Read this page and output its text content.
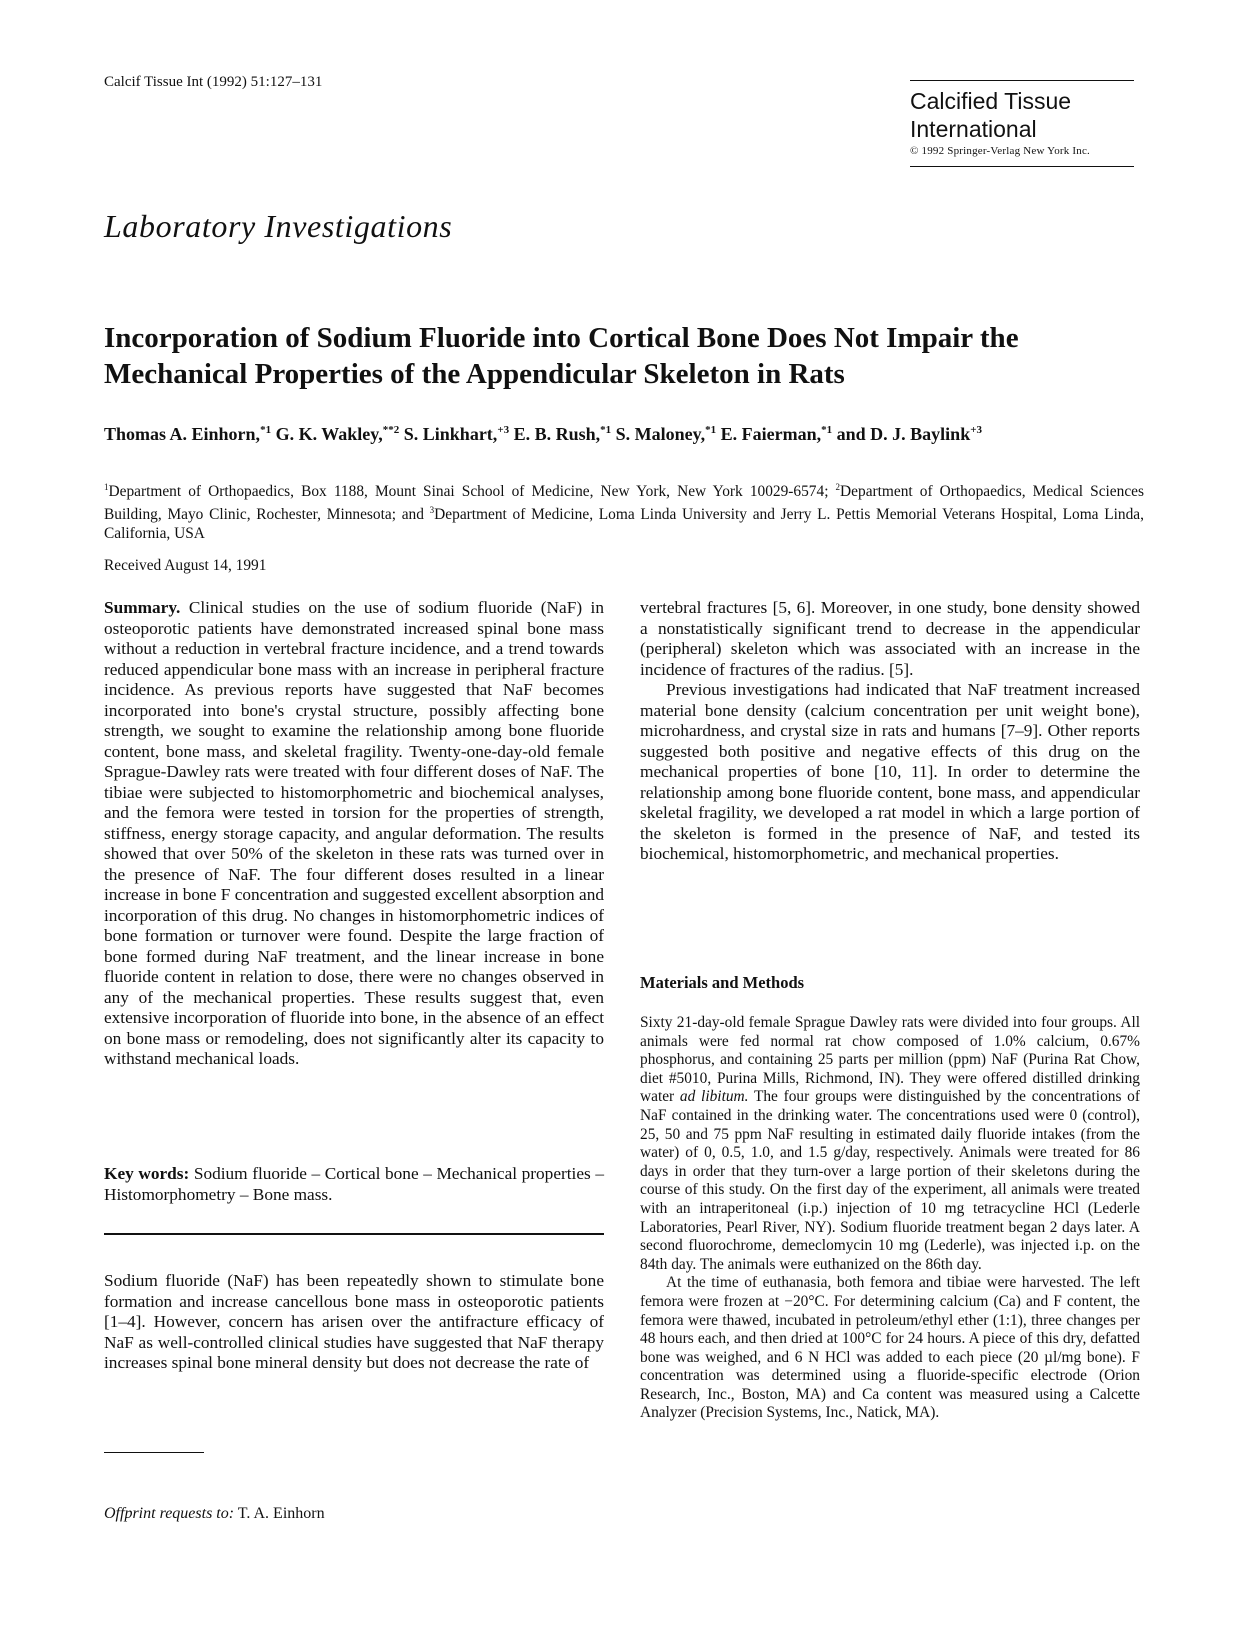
Calcif Tissue Int (1992) 51:127–131
Calcified Tissue
International
© 1992 Springer-Verlag New York Inc.
Laboratory Investigations
Incorporation of Sodium Fluoride into Cortical Bone Does Not Impair the Mechanical Properties of the Appendicular Skeleton in Rats
Thomas A. Einhorn,$^{*1}$ G. K. Wakley,$^{**2}$ S. Linkhart,$^{+3}$ E. B. Rush,$^{*1}$ S. Maloney,$^{*1}$ E. Faierman,$^{*1}$ and D. J. Baylink$^{+3}$
$^1$Department of Orthopaedics, Box 1188, Mount Sinai School of Medicine, New York, New York 10029-6574; $^2$Department of Orthopaedics, Medical Sciences Building, Mayo Clinic, Rochester, Minnesota; and $^3$Department of Medicine, Loma Linda University and Jerry L. Pettis Memorial Veterans Hospital, Loma Linda, California, USA
Received August 14, 1991

Summary. Clinical studies on the use of sodium fluoride (NaF) in osteoporotic patients have demonstrated increased spinal bone mass without a reduction in vertebral fracture incidence, and a trend towards reduced appendicular bone mass with an increase in peripheral fracture incidence. As previous reports have suggested that NaF becomes incorporated into bone's crystal structure, possibly affecting bone strength, we sought to examine the relationship among bone fluoride content, bone mass, and skeletal fragility. Twenty-one-day-old female Sprague-Dawley rats were treated with four different doses of NaF. The tibiae were subjected to histomorphometric and biochemical analyses, and the femora were tested in torsion for the properties of strength, stiffness, energy storage capacity, and angular deformation. The results showed that over 50% of the skeleton in these rats was turned over in the presence of NaF. The four different doses resulted in a linear increase in bone F concentration and suggested excellent absorption and incorporation of this drug. No changes in histomorphometric indices of bone formation or turnover were found. Despite the large fraction of bone formed during NaF treatment, and the linear increase in bone fluoride content in relation to dose, there were no changes observed in any of the mechanical properties. These results suggest that, even extensive incorporation of fluoride into bone, in the absence of an effect on bone mass or remodeling, does not significantly alter its capacity to withstand mechanical loads.

Key words: Sodium fluoride – Cortical bone – Mechanical properties – Histomorphometry – Bone mass.

Sodium fluoride (NaF) has been repeatedly shown to stimulate bone formation and increase cancellous bone mass in osteoporotic patients [1–4]. However, concern has arisen over the antifracture efficacy of NaF as well-controlled clinical studies have suggested that NaF therapy increases spinal bone mineral density but does not decrease the rate of

Offprint requests to: T. A. Einhorn

vertebral fractures [5, 6]. Moreover, in one study, bone density showed a nonstatistically significant trend to decrease in the appendicular (peripheral) skeleton which was associated with an increase in the incidence of fractures of the radius. [5].

Previous investigations had indicated that NaF treatment increased material bone density (calcium concentration per unit weight bone), microhardness, and crystal size in rats and humans [7–9]. Other reports suggested both positive and negative effects of this drug on the mechanical properties of bone [10, 11]. In order to determine the relationship among bone fluoride content, bone mass, and appendicular skeletal fragility, we developed a rat model in which a large portion of the skeleton is formed in the presence of NaF, and tested its biochemical, histomorphometric, and mechanical properties.

Materials and Methods

Sixty 21-day-old female Sprague Dawley rats were divided into four groups. All animals were fed normal rat chow composed of 1.0% calcium, 0.67% phosphorus, and containing 25 parts per million (ppm) NaF (Purina Rat Chow, diet #5010, Purina Mills, Richmond, IN). They were offered distilled drinking water ad libitum. The four groups were distinguished by the concentrations of NaF contained in the drinking water. The concentrations used were 0 (control), 25, 50 and 75 ppm NaF resulting in estimated daily fluoride intakes (from the water) of 0, 0.5, 1.0, and 1.5 g/day, respectively. Animals were treated for 86 days in order that they turn-over a large portion of their skeletons during the course of this study. On the first day of the experiment, all animals were treated with an intraperitoneal (i.p.) injection of 10 mg tetracycline HCl (Lederle Laboratories, Pearl River, NY). Sodium fluoride treatment began 2 days later. A second fluorochrome, demeclomycin 10 mg (Lederle), was injected i.p. on the 84th day. The animals were euthanized on the 86th day.

At the time of euthanasia, both femora and tibiae were harvested. The left femora were frozen at −20°C. For determining calcium (Ca) and F content, the femora were thawed, incubated in petroleum/ethyl ether (1:1), three changes per 48 hours each, and then dried at 100°C for 24 hours. A piece of this dry, defatted bone was weighed, and 6 N HCl was added to each piece (20 µl/mg bone). F concentration was determined using a fluoride-specific electrode (Orion Research, Inc., Boston, MA) and Ca content was measured using a Calcette Analyzer (Precision Systems, Inc., Natick, MA).
